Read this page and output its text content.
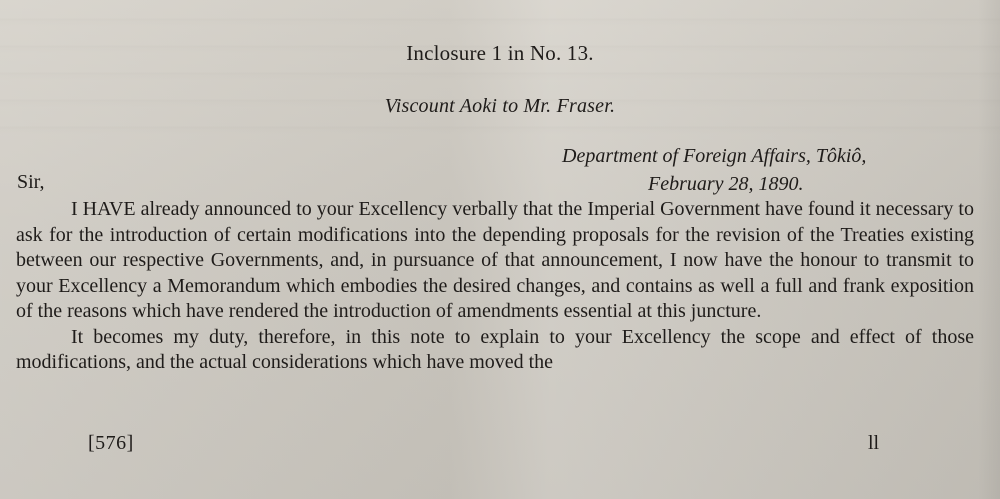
Inclosure 1 in No. 13.
Viscount Aoki to Mr. Fraser.
Department of Foreign Affairs, Tôkiô,
February 28, 1890.
Sir,

I HAVE already announced to your Excellency verbally that the Imperial Government have found it necessary to ask for the introduction of certain modifications into the depending proposals for the revision of the Treaties existing between our respective Governments, and, in pursuance of that announcement, I now have the honour to transmit to your Excellency a Memorandum which embodies the desired changes, and contains as well a full and frank exposition of the reasons which have rendered the introduction of amendments essential at this juncture.

It becomes my duty, therefore, in this note to explain to your Excellency the scope and effect of those modifications, and the actual considerations which have moved the

[576]	ll
